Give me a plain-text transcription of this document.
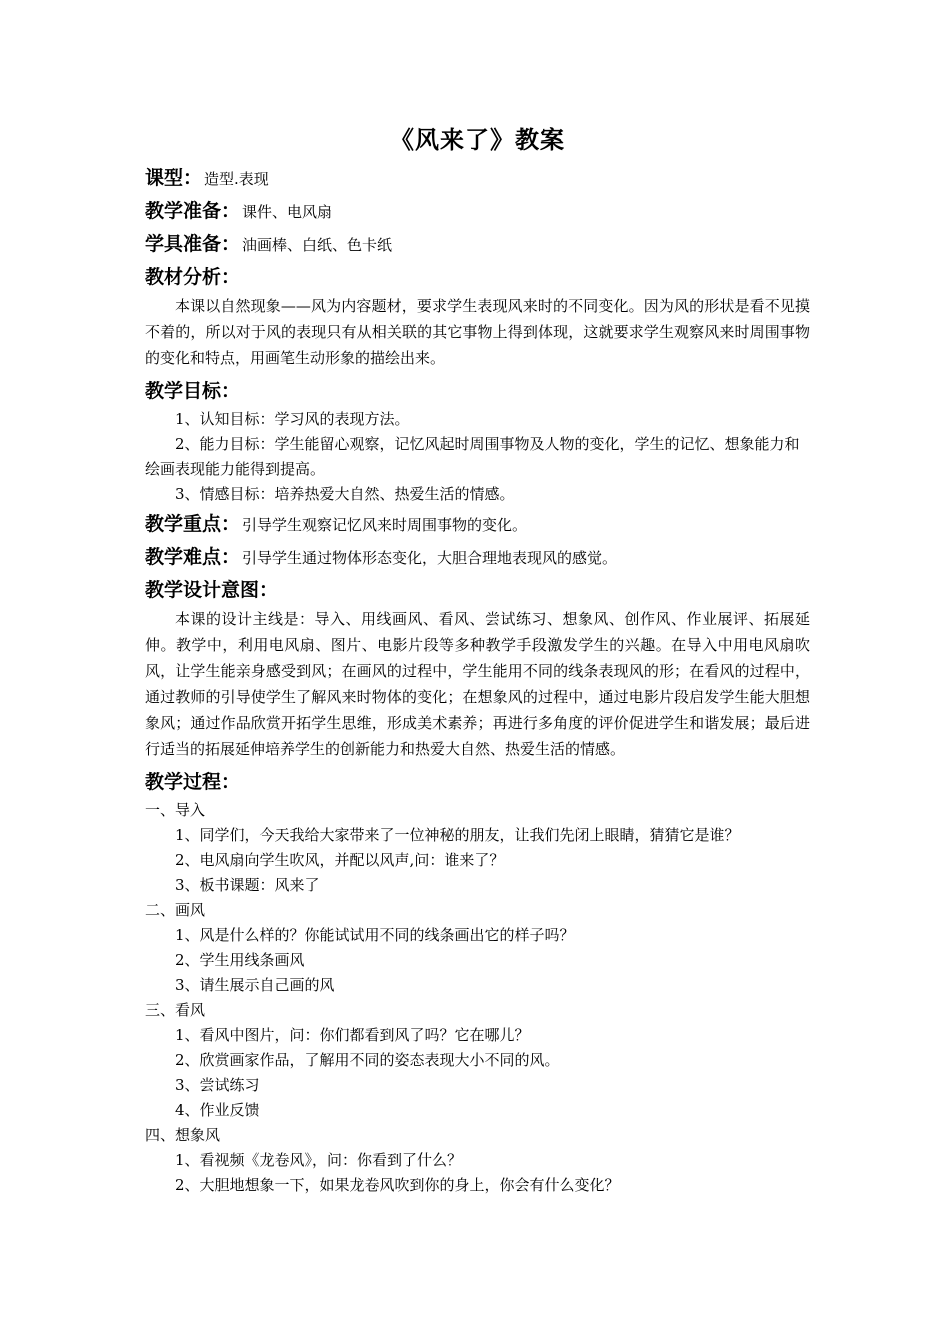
《风来了》教案
课型： 造型.表现
教学准备： 课件、电风扇
学具准备： 油画棒、白纸、色卡纸
教材分析：

本课以自然现象——风为内容题材，要求学生表现风来时的不同变化。因为风的形状是看不见摸不着的，所以对于风的表现只有从相关联的其它事物上得到体现，这就要求学生观察风来时周围事物的变化和特点，用画笔生动形象的描绘出来。

教学目标：
1、认知目标：学习风的表现方法。
2、能力目标：学生能留心观察，记忆风起时周围事物及人物的变化，学生的记忆、想象能力和绘画表现能力能得到提高。
3、情感目标：培养热爱大自然、热爱生活的情感。
教学重点： 引导学生观察记忆风来时周围事物的变化。
教学难点： 引导学生通过物体形态变化，大胆合理地表现风的感觉。
教学设计意图：

本课的设计主线是：导入、用线画风、看风、尝试练习、想象风、创作风、作业展评、拓展延伸。教学中，利用电风扇、图片、电影片段等多种教学手段激发学生的兴趣。在导入中用电风扇吹风，让学生能亲身感受到风；在画风的过程中，学生能用不同的线条表现风的形；在看风的过程中，通过教师的引导使学生了解风来时物体的变化；在想象风的过程中，通过电影片段启发学生能大胆想象风；通过作品欣赏开拓学生思维，形成美术素养；再进行多角度的评价促进学生和谐发展；最后进行适当的拓展延伸培养学生的创新能力和热爱大自然、热爱生活的情感。

教学过程：
一、导入
1、同学们，今天我给大家带来了一位神秘的朋友，让我们先闭上眼睛，猜猜它是谁？
2、电风扇向学生吹风，并配以风声,问：谁来了？
3、板书课题：风来了
二、画风
1、风是什么样的？你能试试用不同的线条画出它的样子吗？
2、学生用线条画风
3、请生展示自己画的风
三、看风
1、看风中图片，问：你们都看到风了吗？它在哪儿？
2、欣赏画家作品，了解用不同的姿态表现大小不同的风。
3、尝试练习
4、作业反馈
四、想象风
1、看视频《龙卷风》，问：你看到了什么？
2、大胆地想象一下，如果龙卷风吹到你的身上，你会有什么变化？
